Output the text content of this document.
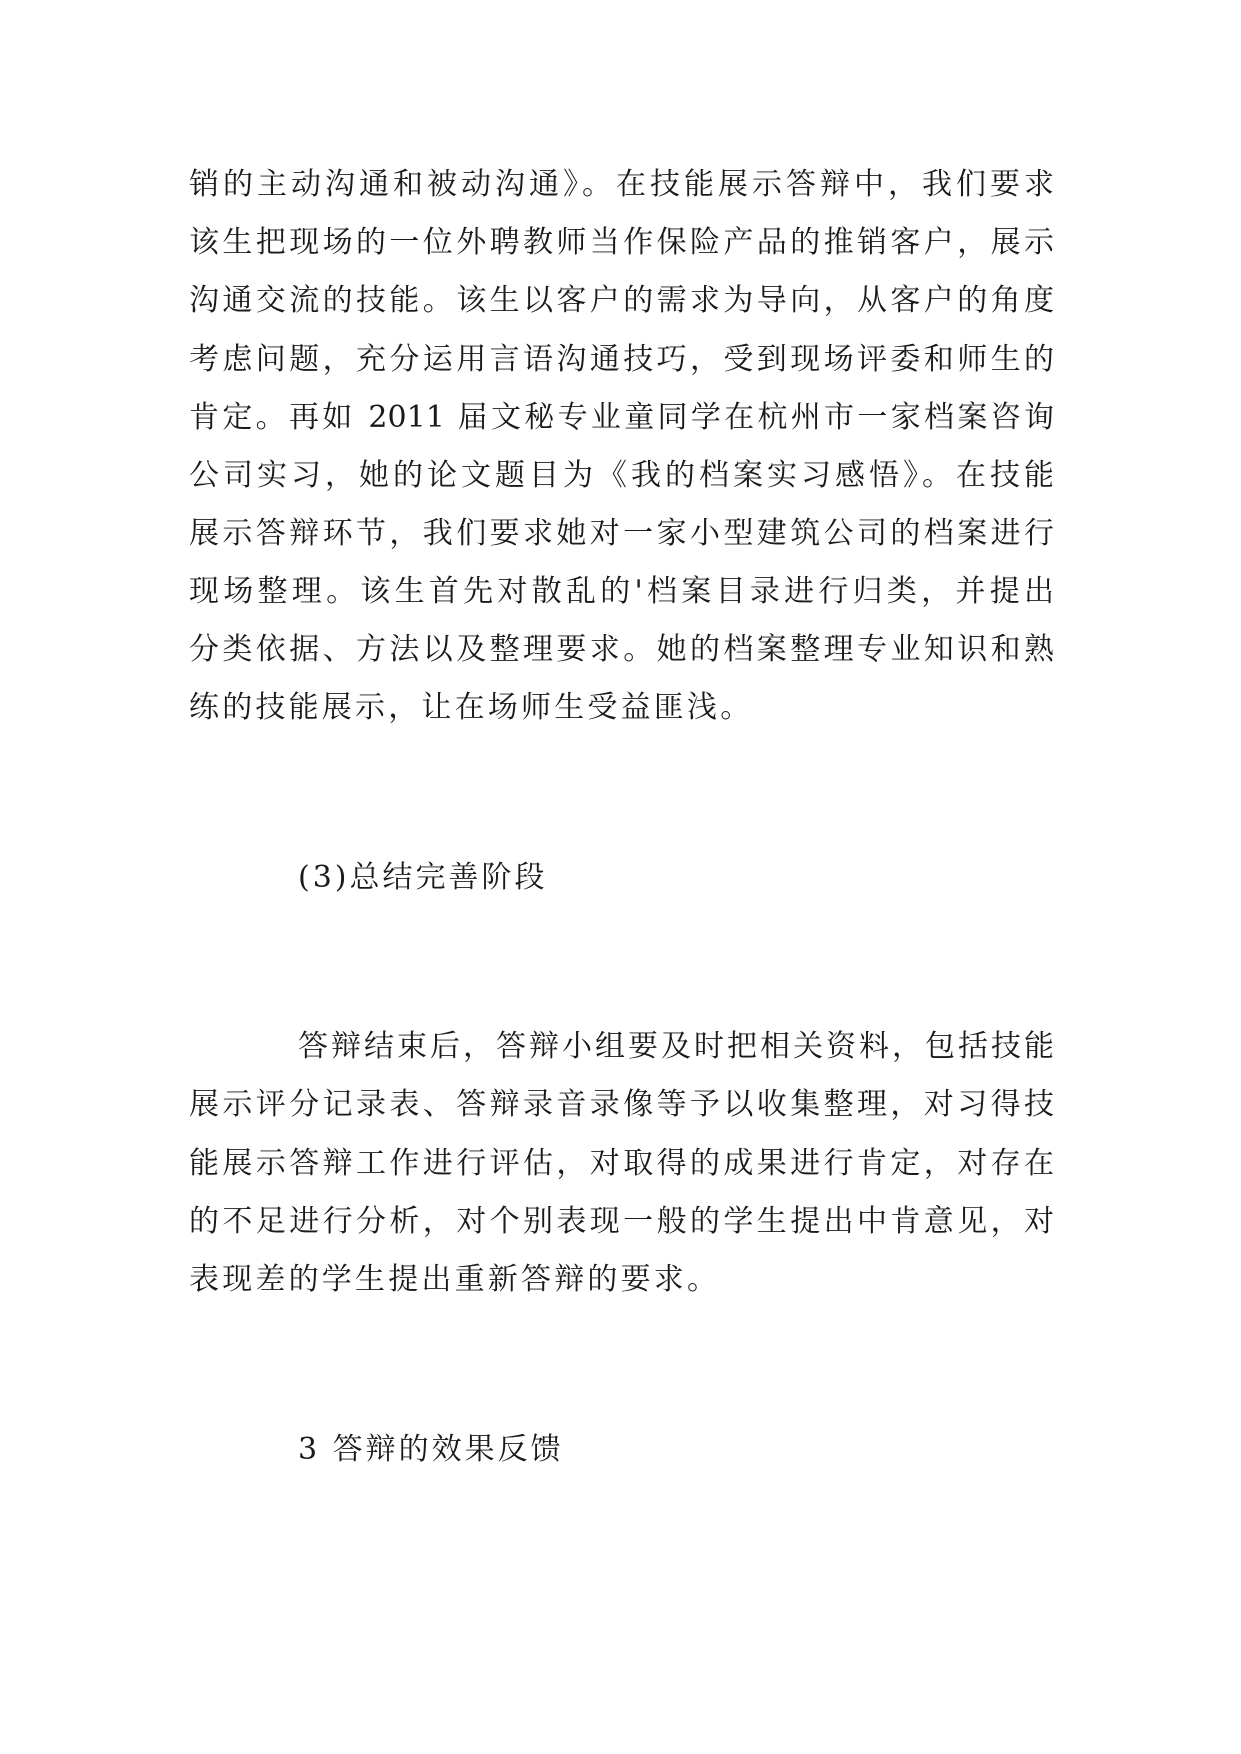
销的主动沟通和被动沟通》。在技能展示答辩中，我们要求
该生把现场的一位外聘教师当作保险产品的推销客户，展示
沟通交流的技能。该生以客户的需求为导向，从客户的角度
考虑问题，充分运用言语沟通技巧，受到现场评委和师生的
肯定。再如 2011 届文秘专业童同学在杭州市一家档案咨询
公司实习，她的论文题目为《我的档案实习感悟》。在技能
展示答辩环节，我们要求她对一家小型建筑公司的档案进行
现场整理。该生首先对散乱的'档案目录进行归类，并提出
分类依据、方法以及整理要求。她的档案整理专业知识和熟
练的技能展示，让在场师生受益匪浅。
(3)总结完善阶段
答辩结束后，答辩小组要及时把相关资料，包括技能
展示评分记录表、答辩录音录像等予以收集整理，对习得技
能展示答辩工作进行评估，对取得的成果进行肯定，对存在
的不足进行分析，对个别表现一般的学生提出中肯意见，对
表现差的学生提出重新答辩的要求。
3 答辩的效果反馈
